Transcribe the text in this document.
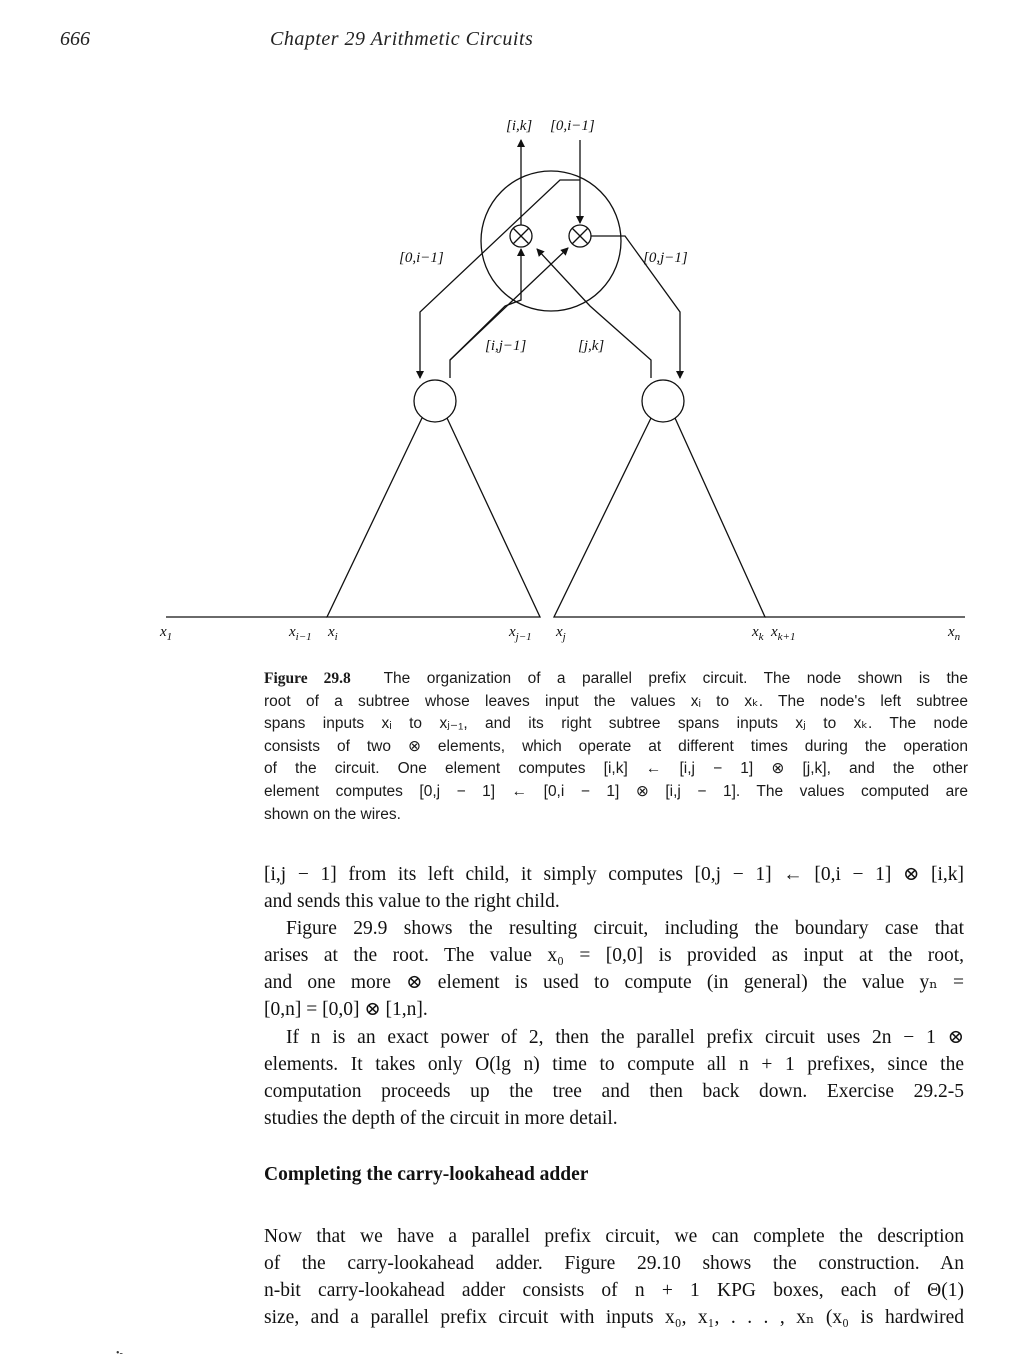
666	Chapter 29 Arithmetic Circuits
[i,k] [0,i−1]
[0,i−1]	[0,j−1]
[i,j−1]	[j,k]
$x_1$	$x_{i-1}$ $x_i$	$x_{j-1}$ $x_j$	$x_k$ $x_{k+1}$	$x_n$
Figure 29.8 The organization of a parallel prefix circuit. The node shown is the
root of a subtree whose leaves input the values xᵢ to xₖ. The node's left subtree
spans inputs xᵢ to xⱼ₋₁, and its right subtree spans inputs xⱼ to xₖ. The node
consists of two ⊗ elements, which operate at different times during the operation
of the circuit. One element computes [i,k] ← [i,j − 1] ⊗ [j,k], and the other
element computes [0,j − 1] ← [0,i − 1] ⊗ [i,j − 1]. The values computed are
shown on the wires.
[i,j − 1] from its left child, it simply computes [0,j − 1] ← [0,i − 1] ⊗ [i,k]
and sends this value to the right child.
Figure 29.9 shows the resulting circuit, including the boundary case that
arises at the root. The value x₀ = [0,0] is provided as input at the root,
and one more ⊗ element is used to compute (in general) the value yₙ =
[0,n] = [0,0] ⊗ [1,n].
If n is an exact power of 2, then the parallel prefix circuit uses 2n − 1 ⊗
elements. It takes only O(lg n) time to compute all n + 1 prefixes, since the
computation proceeds up the tree and then back down. Exercise 29.2-5
studies the depth of the circuit in more detail.
Completing the carry-lookahead adder
Now that we have a parallel prefix circuit, we can complete the description
of the carry-lookahead adder. Figure 29.10 shows the construction. An
n-bit carry-lookahead adder consists of n + 1 KPG boxes, each of Θ(1)
size, and a parallel prefix circuit with inputs x₀, x₁, . . . , xₙ (x₀ is hardwired
•-
